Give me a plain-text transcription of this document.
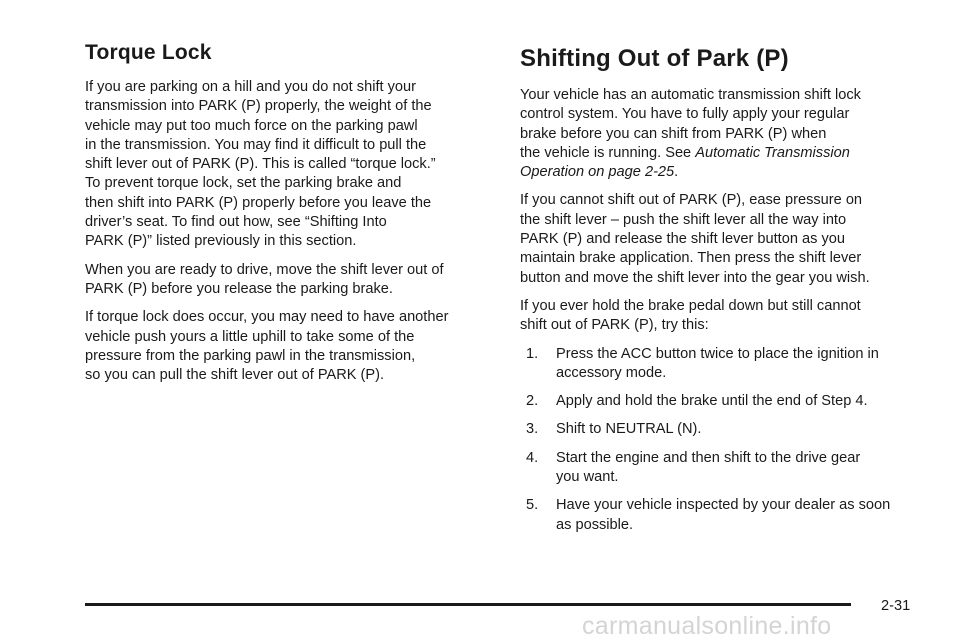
Torque Lock

If you are parking on a hill and you do not shift your
transmission into PARK (P) properly, the weight of the
vehicle may put too much force on the parking pawl
in the transmission. You may find it difficult to pull the
shift lever out of PARK (P). This is called “torque lock.”
To prevent torque lock, set the parking brake and
then shift into PARK (P) properly before you leave the
driver’s seat. To find out how, see “Shifting Into
PARK (P)” listed previously in this section.

When you are ready to drive, move the shift lever out of
PARK (P) before you release the parking brake.

If torque lock does occur, you may need to have another
vehicle push yours a little uphill to take some of the
pressure from the parking pawl in the transmission,
so you can pull the shift lever out of PARK (P).

Shifting Out of Park (P)

Your vehicle has an automatic transmission shift lock
control system. You have to fully apply your regular
brake before you can shift from PARK (P) when
the vehicle is running. See Automatic Transmission
Operation on page 2-25.

If you cannot shift out of PARK (P), ease pressure on
the shift lever – push the shift lever all the way into
PARK (P) and release the shift lever button as you
maintain brake application. Then press the shift lever
button and move the shift lever into the gear you wish.

If you ever hold the brake pedal down but still cannot
shift out of PARK (P), try this:

1.	Press the ACC button twice to place the ignition in
accessory mode.
2.	Apply and hold the brake until the end of Step 4.
3.	Shift to NEUTRAL (N).
4.	Start the engine and then shift to the drive gear
you want.
5.	Have your vehicle inspected by your dealer as soon
as possible.
2-31
carmanualsonline.info
